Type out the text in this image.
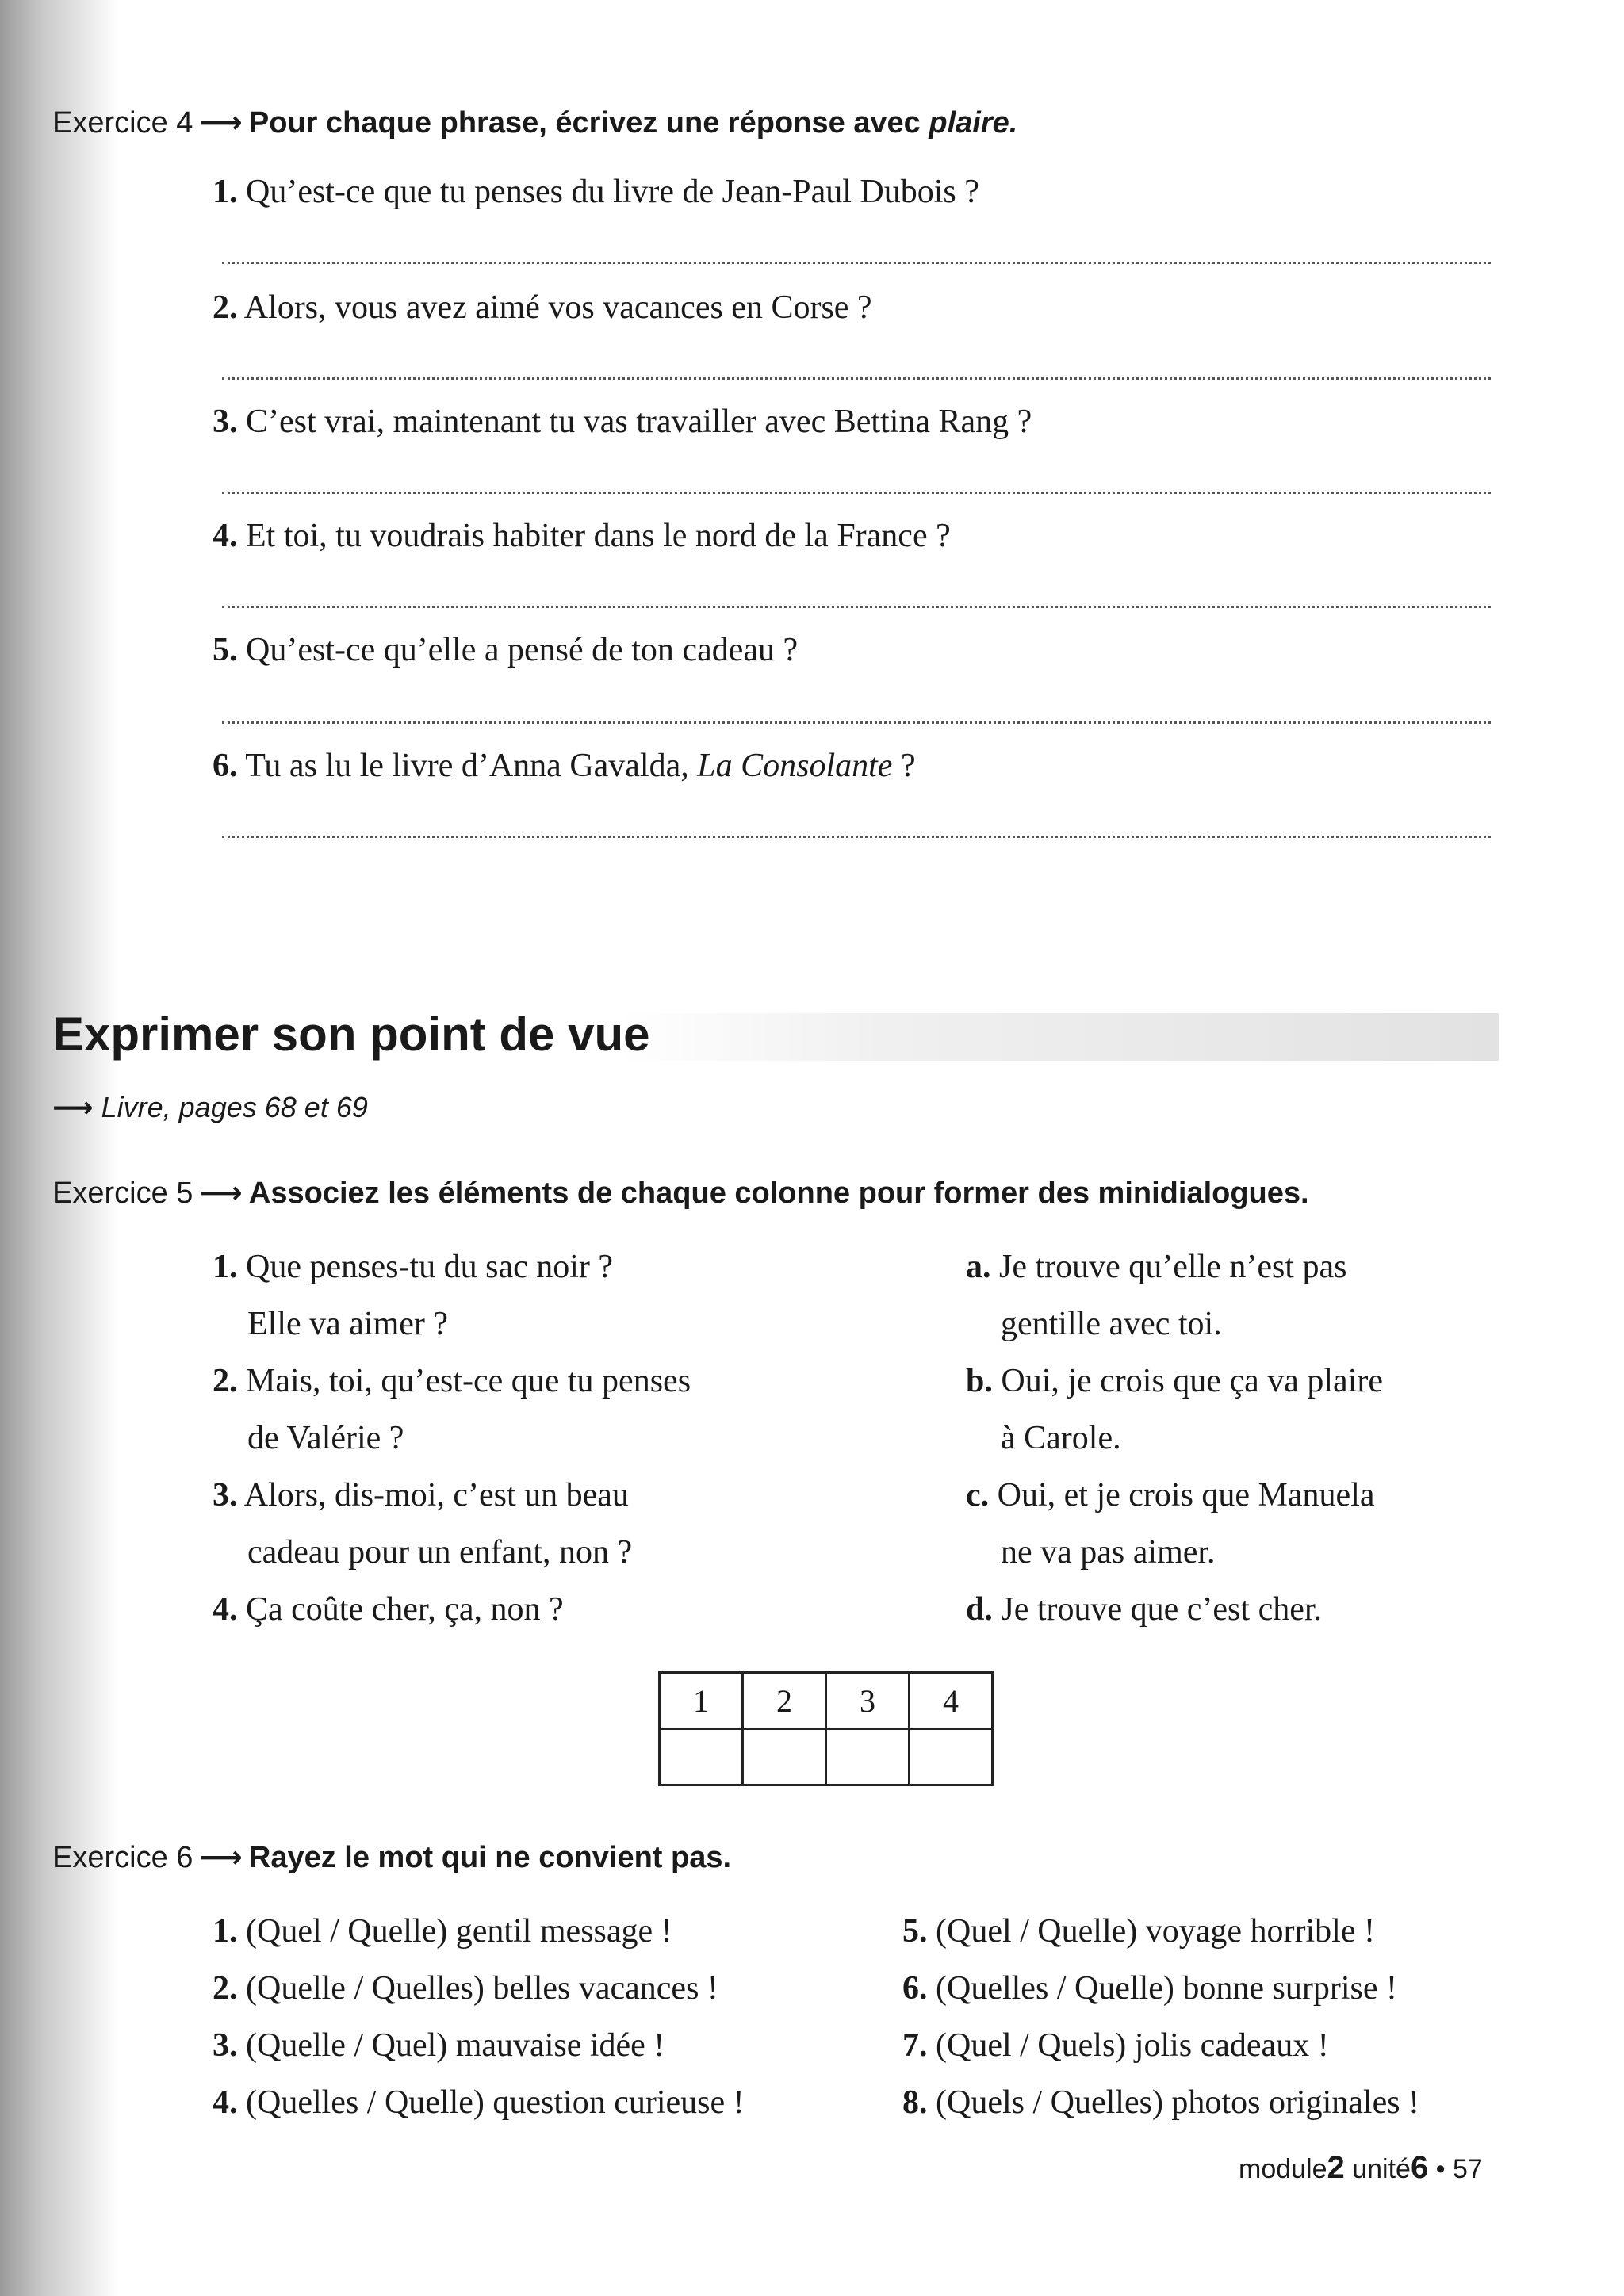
Exercice 4 ⟶ Pour chaque phrase, écrivez une réponse avec plaire.
1. Qu’est-ce que tu penses du livre de Jean-Paul Dubois ?
2. Alors, vous avez aimé vos vacances en Corse ?
3. C’est vrai, maintenant tu vas travailler avec Bettina Rang ?
4. Et toi, tu voudrais habiter dans le nord de la France ?
5. Qu’est-ce qu’elle a pensé de ton cadeau ?
6. Tu as lu le livre d’Anna Gavalda, La Consolante ?
Exprimer son point de vue
⟶ Livre, pages 68 et 69
Exercice 5 ⟶ Associez les éléments de chaque colonne pour former des minidialogues.
1. Que penses-tu du sac noir ?
Elle va aimer ?
2. Mais, toi, qu’est-ce que tu penses
de Valérie ?
3. Alors, dis-moi, c’est un beau
cadeau pour un enfant, non ?
4. Ça coûte cher, ça, non ?
a. Je trouve qu’elle n’est pas
gentille avec toi.
b. Oui, je crois que ça va plaire
à Carole.
c. Oui, et je crois que Manuela
ne va pas aimer.
d. Je trouve que c’est cher.
1	2	3	4

Exercice 6 ⟶ Rayez le mot qui ne convient pas.
1. (Quel / Quelle) gentil message !
2. (Quelle / Quelles) belles vacances !
3. (Quelle / Quel) mauvaise idée !
4. (Quelles / Quelle) question curieuse !
5. (Quel / Quelle) voyage horrible !
6. (Quelles / Quelle) bonne surprise !
7. (Quel / Quels) jolis cadeaux !
8. (Quels / Quelles) photos originales !
module2 unité6 • 57
